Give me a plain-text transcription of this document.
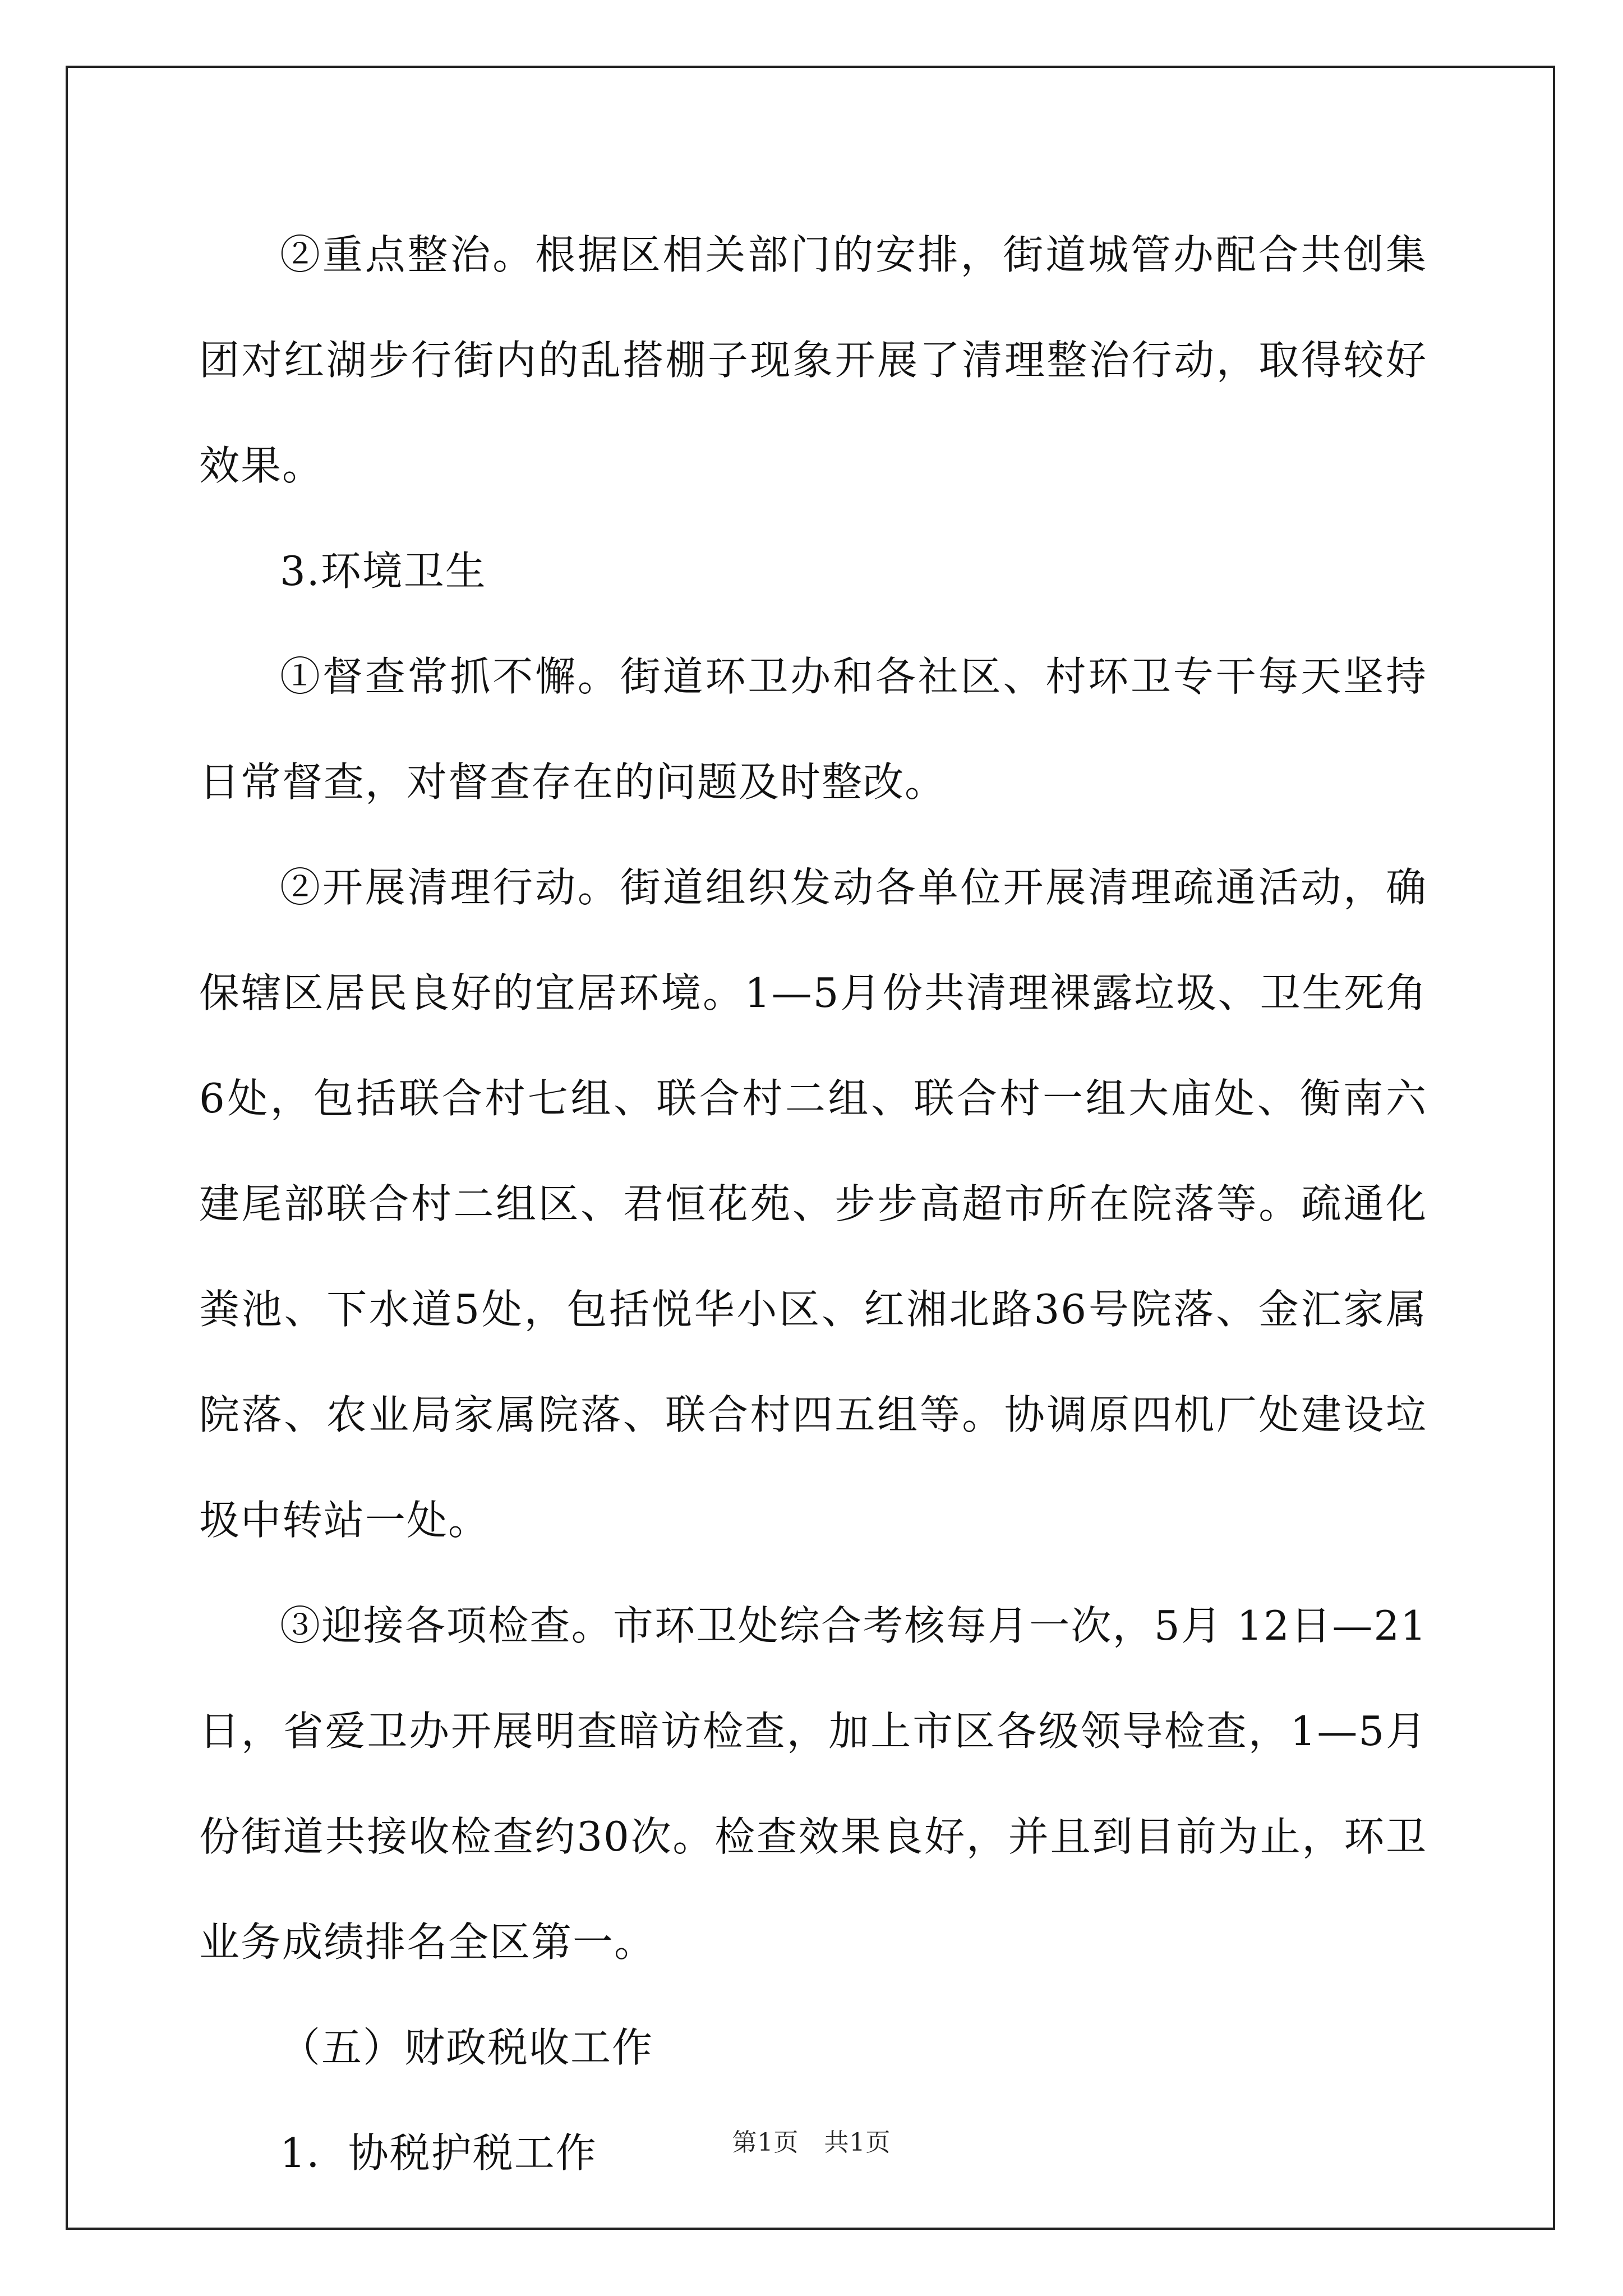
②重点整治。根据区相关部门的安排，街道城管办配合共创集团对红湖步行街内的乱搭棚子现象开展了清理整治行动，取得较好效果。

3.环境卫生

①督查常抓不懈。街道环卫办和各社区、村环卫专干每天坚持日常督查，对督查存在的问题及时整改。

②开展清理行动。街道组织发动各单位开展清理疏通活动，确保辖区居民良好的宜居环境。1—5月份共清理裸露垃圾、卫生死角6处，包括联合村七组、联合村二组、联合村一组大庙处、衡南六建尾部联合村二组区、君恒花苑、步步高超市所在院落等。疏通化粪池、下水道5处，包括悦华小区、红湘北路36号院落、金汇家属院落、农业局家属院落、联合村四五组等。协调原四机厂处建设垃圾中转站一处。

③迎接各项检查。市环卫处综合考核每月一次，5月 12日—21日，省爱卫办开展明查暗访检查，加上市区各级领导检查，1—5月份街道共接收检查约30次。检查效果良好，并且到目前为止，环卫业务成绩排名全区第一。

（五）财政税收工作

1．协税护税工作	第1页　共1页
